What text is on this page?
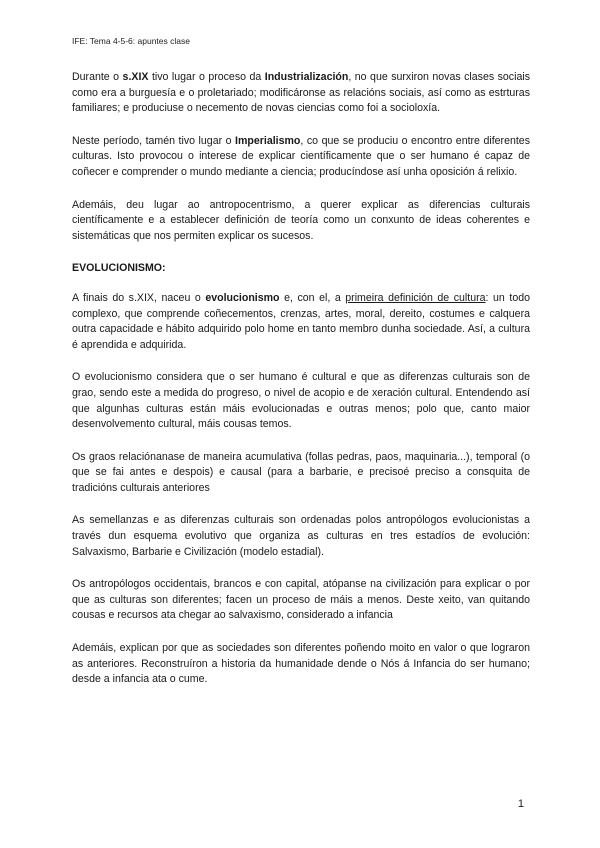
IFE: Tema 4-5-6: apuntes clase

Durante o s.XIX tivo lugar o proceso da Industrialización, no que surxiron novas clases sociais como era a burguesía e o proletariado; modificáronse as relacións sociais, así como as estrturas familiares; e produciuse o necemento de novas ciencias como foi a socioloxía.

Neste período, tamén tivo lugar o Imperialismo, co que se produciu o encontro entre diferentes culturas. Isto provocou o interese de explicar científicamente que o ser humano é capaz de coñecer e comprender o mundo mediante a ciencia; producíndose así unha oposición á relixio.

Ademáis, deu lugar ao antropocentrismo, a querer explicar as diferencias culturais científicamente e a establecer definición de teoría como un conxunto de ideas coherentes e sistemáticas que nos permiten explicar os sucesos.

EVOLUCIONISMO:

A finais do s.XIX, naceu o evolucionismo e, con el, a primeira definición de cultura: un todo complexo, que comprende coñecementos, crenzas, artes, moral, dereito, costumes e calquera outra capacidade e hábito adquirido polo home en tanto membro dunha sociedade. Así, a cultura é aprendida e adquirida.

O evolucionismo considera que o ser humano é cultural e que as diferenzas culturais son de grao, sendo este a medida do progreso, o nivel de acopio e de xeración cultural. Entendendo así que algunhas culturas están máis evolucionadas e outras menos; polo que, canto maior desenvolvemento cultural, máis cousas temos.

Os graos relaciónanase de maneira acumulativa (follas pedras, paos, maquinaria...), temporal (o que se fai antes e despois) e causal (para a barbarie, e precisoé preciso a consquita de tradicións culturais anteriores

As semellanzas e as diferenzas culturais son ordenadas polos antropólogos evolucionistas a través dun esquema evolutivo que organiza as culturas en tres estadíos de evolución: Salvaxismo, Barbarie e Civilización (modelo estadial).

Os antropólogos occidentais, brancos e con capital, atópanse na civilización para explicar o por que as culturas son diferentes; facen un proceso de máis a menos. Deste xeito, van quitando cousas e recursos ata chegar ao salvaxismo, considerado a infancia

Ademáis, explican por que as sociedades son diferentes poñendo moito en valor o que lograron as anteriores. Reconstruíron a historia da humanidade dende o Nós á Infancia do ser humano; desde a infancia ata o cume.

1
